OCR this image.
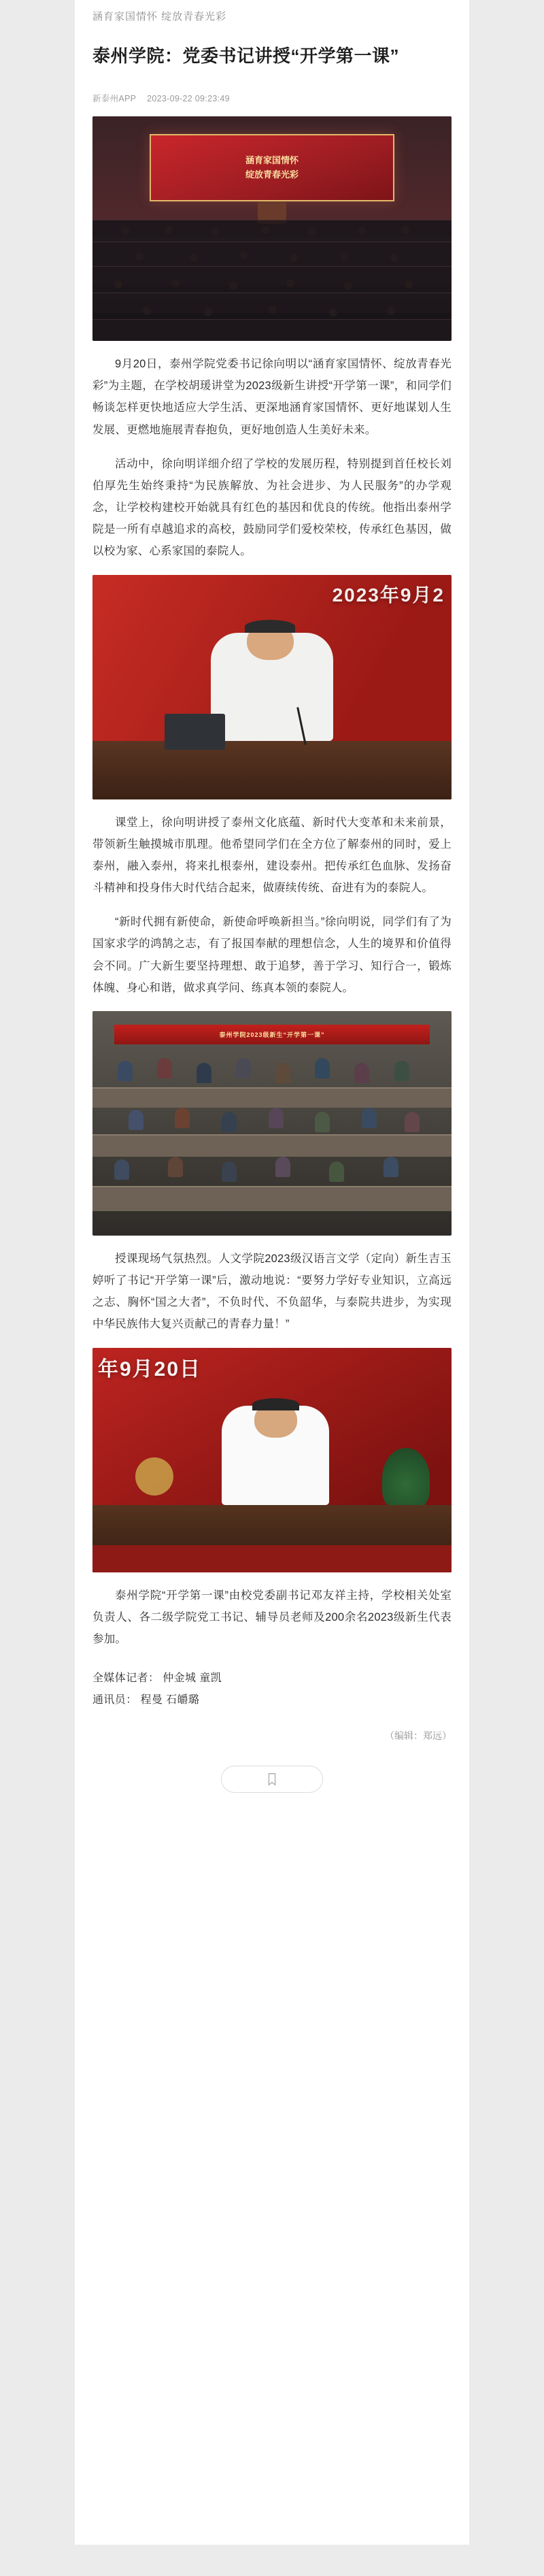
涵育家国情怀 绽放青春光彩
泰州学院：党委书记讲授“开学第一课”
新泰州APP 2023-09-22 09:23:49
涵育家国情怀
绽放青春光彩

9月20日，泰州学院党委书记徐向明以“涵育家国情怀、绽放青春光彩”为主题，在学校胡瑗讲堂为2023级新生讲授“开学第一课”，和同学们畅谈怎样更快地适应大学生活、更深地涵育家国情怀、更好地谋划人生发展、更燃地施展青春抱负，更好地创造人生美好未来。

活动中，徐向明详细介绍了学校的发展历程，特别提到首任校长刘伯厚先生始终秉持“为民族解放、为社会进步、为人民服务”的办学观念，让学校构建校开始就具有红色的基因和优良的传统。他指出泰州学院是一所有卓越追求的高校，鼓励同学们爱校荣校，传承红色基因，做以校为家、心系家国的泰院人。

2023年9月2

课堂上，徐向明讲授了泰州文化底蕴、新时代大变革和未来前景，带领新生触摸城市肌理。他希望同学们在全方位了解泰州的同时，爱上泰州，融入泰州，将来扎根泰州，建设泰州。把传承红色血脉、发扬奋斗精神和投身伟大时代结合起来，做赓续传统、奋进有为的泰院人。

“新时代拥有新使命，新使命呼唤新担当。”徐向明说，同学们有了为国家求学的鸿鹄之志，有了报国奉献的理想信念，人生的境界和价值得会不同。广大新生要坚持理想、敢于追梦，善于学习、知行合一，锻炼体魄、身心和谐，做求真学问、练真本领的泰院人。

泰州学院2023级新生“开学第一课”

授课现场气氛热烈。人文学院2023级汉语言文学（定向）新生吉玉婷听了书记“开学第一课”后，激动地说：“要努力学好专业知识，立高远之志、胸怀“国之大者”，不负时代、不负韶华，与泰院共进步，为实现中华民族伟大复兴贡献己的青春力量！”

年9月20日

泰州学院“开学第一课”由校党委副书记邓友祥主持，学校相关处室负责人、各二级学院党工书记、辅导员老师及200余名2023级新生代表参加。

全媒体记者： 仲金城 童凯
通讯员： 程曼 石皭璐
（编辑：郑远）
